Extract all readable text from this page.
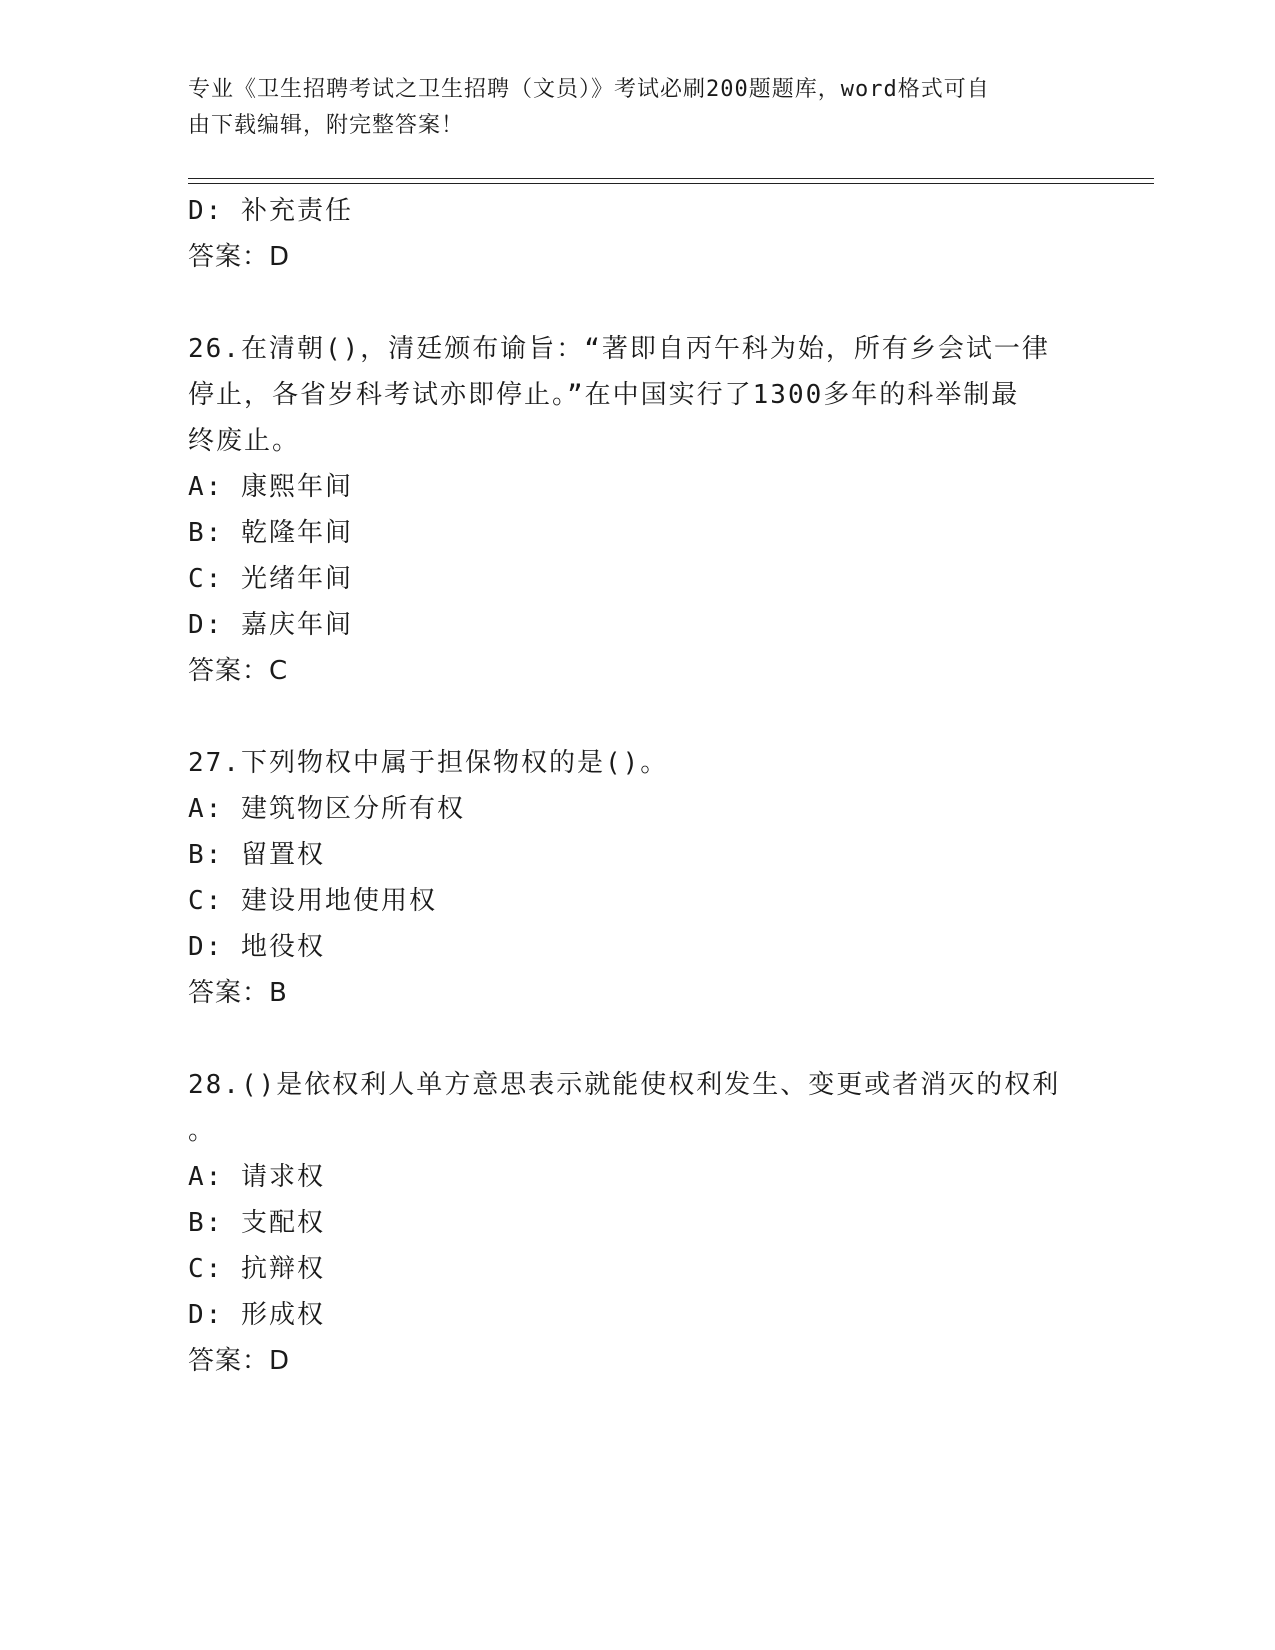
专业《卫生招聘考试之卫生招聘（文员）》考试必刷200题题库，word格式可自
由下载编辑，附完整答案！
D: 补充责任
答案：D
26.在清朝()，清廷颁布谕旨：“著即自丙午科为始，所有乡会试一律
停止，各省岁科考试亦即停止。”在中国实行了1300多年的科举制最
终废止。
A: 康熙年间
B: 乾隆年间
C: 光绪年间
D: 嘉庆年间
答案：C
27.下列物权中属于担保物权的是()。
A: 建筑物区分所有权
B: 留置权
C: 建设用地使用权
D: 地役权
答案：B
28.()是依权利人单方意思表示就能使权利发生、变更或者消灭的权利
。
A: 请求权
B: 支配权
C: 抗辩权
D: 形成权
答案：D
